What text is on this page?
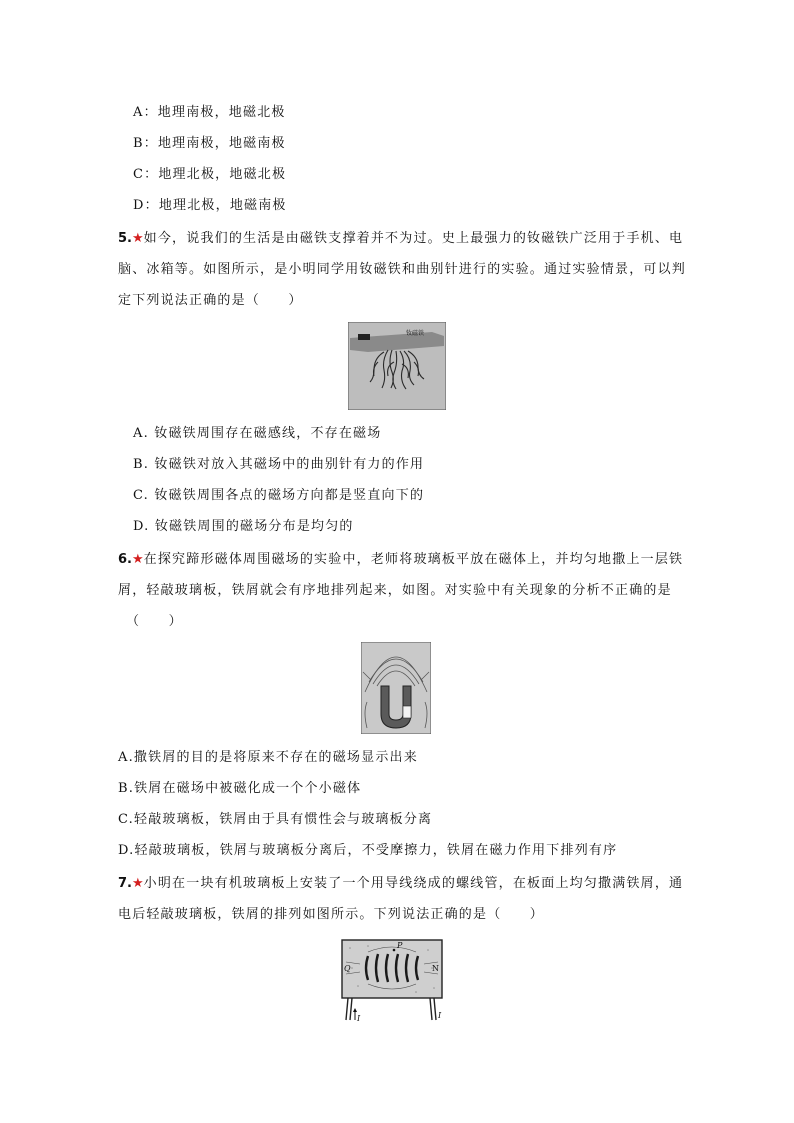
A：地理南极，地磁北极
B：地理南极，地磁南极
C：地理北极，地磁北极
D：地理北极，地磁南极
5.★如今，说我们的生活是由磁铁支撑着并不为过。史上最强力的钕磁铁广泛用于手机、电
脑、冰箱等。如图所示，是小明同学用钕磁铁和曲别针进行的实验。通过实验情景，可以判
定下列说法正确的是（　　）
钕磁铁
A. 钕磁铁周围存在磁感线，不存在磁场
B. 钕磁铁对放入其磁场中的曲别针有力的作用
C. 钕磁铁周围各点的磁场方向都是竖直向下的
D. 钕磁铁周围的磁场分布是均匀的
6.★在探究蹄形磁体周围磁场的实验中，老师将玻璃板平放在磁体上，并均匀地撒上一层铁
屑，轻敲玻璃板，铁屑就会有序地排列起来，如图。对实验中有关现象的分析不正确的是
（　　）
A.撒铁屑的目的是将原来不存在的磁场显示出来
B.铁屑在磁场中被磁化成一个个小磁体
C.轻敲玻璃板，铁屑由于具有惯性会与玻璃板分离
D.轻敲玻璃板，铁屑与玻璃板分离后，不受摩擦力，铁屑在磁力作用下排列有序
7.★小明在一块有机玻璃板上安装了一个用导线绕成的螺线管，在板面上均匀撒满铁屑，通
电后轻敲玻璃板，铁屑的排列如图所示。下列说法正确的是（　　）
P
Q	N
I	I
